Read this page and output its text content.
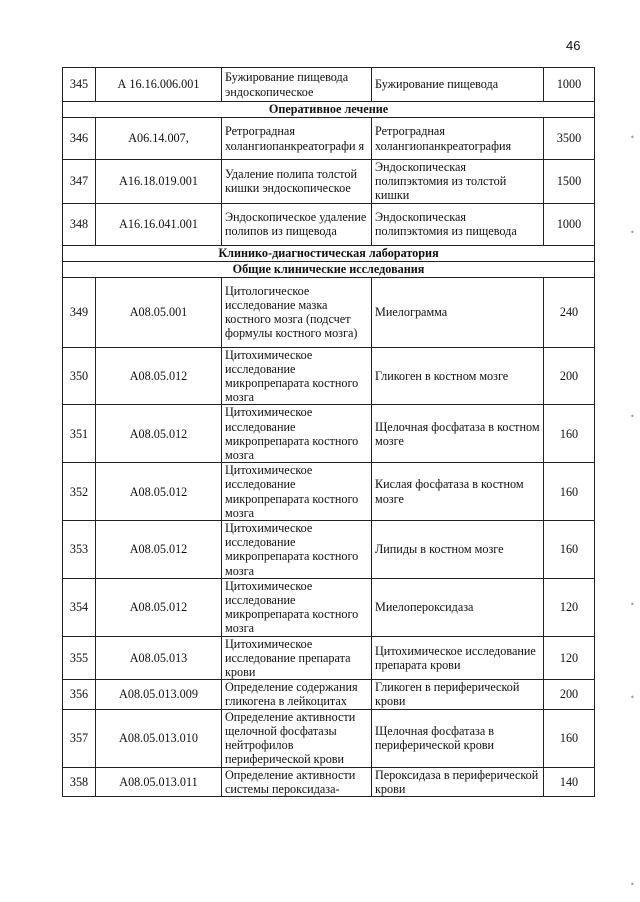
46
345	А 16.16.006.001	Бужирование пищевода эндоскопическое	Бужирование пищевода	1000
Оперативное лечение				
346	А06.14.007,	Ретроградная холангиопанкреатографи я	Ретроградная холангиопанкреатография	3500
347	А16.18.019.001	Удаление полипа толстой кишки эндоскопическое	Эндоскопическая полипэктомия из толстой кишки	1500
348	А16.16.041.001	Эндоскопическое удаление полипов из пищевода	Эндоскопическая полипэктомия из пищевода	1000
Клинико-диагностическая лаборатория				
Общие клинические исследования				
349	А08.05.001	Цитологическое исследование мазка костного мозга (подсчет формулы костного мозга)	Миелограмма	240
350	А08.05.012	Цитохимическое исследование микропрепарата костного мозга	Гликоген в костном мозге	200
351	А08.05.012	Цитохимическое исследование микропрепарата костного мозга	Щелочная фосфатаза в костном мозге	160
352	А08.05.012	Цитохимическое исследование микропрепарата костного мозга	Кислая фосфатаза в костном мозге	160
353	А08.05.012	Цитохимическое исследование микропрепарата костного мозга	Липиды в костном мозге	160
354	А08.05.012	Цитохимическое исследование микропрепарата костного мозга	Миелопероксидаза	120
355	А08.05.013	Цитохимическое исследование препарата крови	Цитохимическое исследование препарата крови	120
356	А08.05.013.009	Определение содержания гликогена в лейкоцитах	Гликоген в периферической крови	200
357	А08.05.013.010	Определение активности щелочной фосфатазы нейтрофилов периферической крови	Щелочная фосфатаза в периферической крови	160
358	А08.05.013.011	Определение активности системы пероксидаза-	Пероксидаза в периферической крови	140
•
•
•
•
•
•
